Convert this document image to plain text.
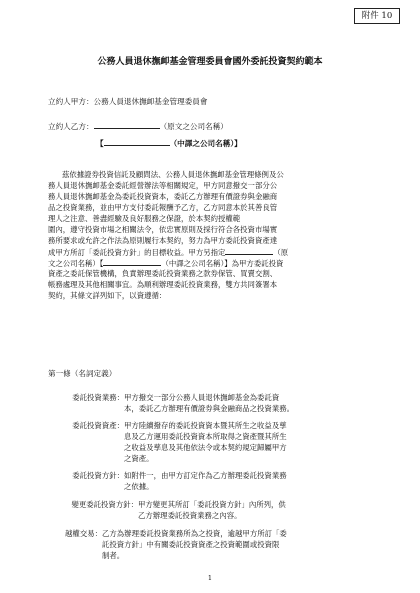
附件 10
公務人員退休撫卹基金管理委員會國外委託投資契約範本
立約人甲方：公務人員退休撫卹基金管理委員會
立約人乙方：	（原文之公司名稱）
【	（中譯之公司名稱）】
茲依據證券投資信託及顧問法、公務人員退休撫卹基金管理條例及公
務人員退休撫卹基金委託經營辦法等相關規定，甲方同意撥交一部分公
務人員退休撫卹基金為委託投資資本，委託乙方辦理有價證券與金融商
品之投資業務，並由甲方支付委託報酬予乙方，乙方同意本於其善良管
理人之注意、善盡經驗及良好服務之保證，於本契約授權範
圍內，遵守投資市場之相關法令，依忠實原則及採行符合各投資市場實
務所要求或允許之作法為原則履行本契約，努力為甲方委託投資資產達
成甲方所訂「委託投資方針」的目標收益。甲方另指定	（原
文之公司名稱）【	（中譯之公司名稱）】為甲方委託投資
資產之委託保管機構，負責辦理委託投資業務之款券保管、買賣交割、
帳務處理及其他相關事宜。為順利辦理委託投資業務，雙方共同簽署本
契約，其條文詳列如下，以資遵循：
第一條（名詞定義）
委託投資業務： 甲方撥交一部分公務人員退休撫卹基金為委託資
本，委託乙方辦理有價證券與金融商品之投資業務。
委託投資資產： 甲方陸續撥存的委託投資資本暨其所生之收益及孳
息及乙方運用委託投資資本所取得之資產暨其所生
之收益及孳息及其他依法令或本契約規定歸屬甲方
之資產。
委託投資方針： 如附件一，由甲方訂定作為乙方辦理委託投資業務
之依據。
變更委託投資方針： 甲方變更其所訂「委託投資方針」內所列，供
乙方辦理委託投資業務之內容。
越權交易： 乙方為辦理委託投資業務所為之投資，逾越甲方所訂「委
託投資方針」中有關委託投資資產之投資範圍或投資限
制者。
1
